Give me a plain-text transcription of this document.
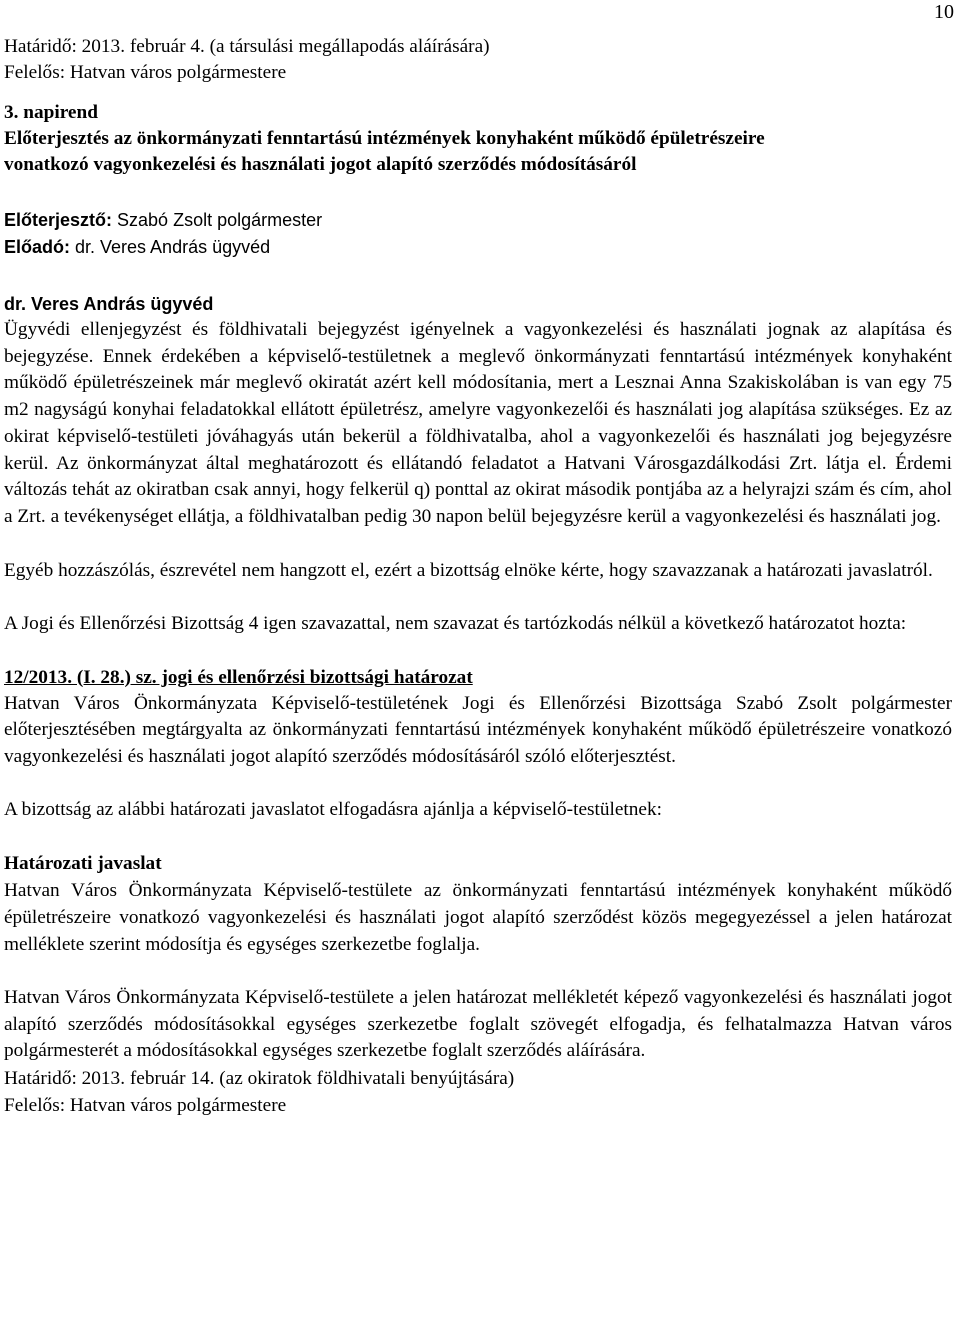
10

Határidő: 2013. február 4. (a társulási megállapodás aláírására)

Felelős: Hatvan város polgármestere

3. napirend

Előterjesztés az önkormányzati fenntartású intézmények konyhaként működő épületrészeire

vonatkozó vagyonkezelési és használati jogot alapító szerződés módosításáról

Előterjesztő: Szabó Zsolt polgármester

Előadó: dr. Veres András ügyvéd

dr. Veres András ügyvéd

Ügyvédi ellenjegyzést és földhivatali bejegyzést igényelnek a vagyonkezelési és használati jognak az alapítása és bejegyzése. Ennek érdekében a képviselő-testületnek a meglevő önkormányzati fenntartású intézmények konyhaként működő épületrészeinek már meglevő okiratát azért kell módosítania, mert a Lesznai Anna Szakiskolában is van egy 75 m2 nagyságú konyhai feladatokkal ellátott épületrész, amelyre vagyonkezelői és használati jog alapítása szükséges. Ez az okirat képviselő-testületi jóváhagyás után bekerül a földhivatalba, ahol a vagyonkezelői és használati jog bejegyzésre kerül. Az önkormányzat által meghatározott és ellátandó feladatot a Hatvani Városgazdálkodási Zrt. látja el. Érdemi változás tehát az okiratban csak annyi, hogy felkerül q) ponttal az okirat második pontjába az a helyrajzi szám és cím, ahol a Zrt. a tevékenységet ellátja, a földhivatalban pedig 30 napon belül bejegyzésre kerül a vagyonkezelési és használati jog.

Egyéb hozzászólás, észrevétel nem hangzott el, ezért a bizottság elnöke kérte, hogy szavazzanak a határozati javaslatról.

A Jogi és Ellenőrzési Bizottság 4 igen szavazattal, nem szavazat és tartózkodás nélkül a következő határozatot hozta:

12/2013. (I. 28.) sz. jogi és ellenőrzési bizottsági határozat

Hatvan Város Önkormányzata Képviselő-testületének Jogi és Ellenőrzési Bizottsága Szabó Zsolt polgármester előterjesztésében megtárgyalta az önkormányzati fenntartású intézmények konyhaként működő épületrészeire vonatkozó vagyonkezelési és használati jogot alapító szerződés módosításáról szóló előterjesztést.

A bizottság az alábbi határozati javaslatot elfogadásra ajánlja a képviselő-testületnek:

Határozati javaslat

Hatvan Város Önkormányzata Képviselő-testülete az önkormányzati fenntartású intézmények konyhaként működő épületrészeire vonatkozó vagyonkezelési és használati jogot alapító szerződést közös megegyezéssel a jelen határozat melléklete szerint módosítja és egységes szerkezetbe foglalja.

Hatvan Város Önkormányzata Képviselő-testülete a jelen határozat mellékletét képező vagyonkezelési és használati jogot alapító szerződés módosításokkal egységes szerkezetbe foglalt szövegét elfogadja, és felhatalmazza Hatvan város polgármesterét a módosításokkal egységes szerkezetbe foglalt szerződés aláírására.

Határidő: 2013. február 14. (az okiratok földhivatali benyújtására)

Felelős: Hatvan város polgármestere
